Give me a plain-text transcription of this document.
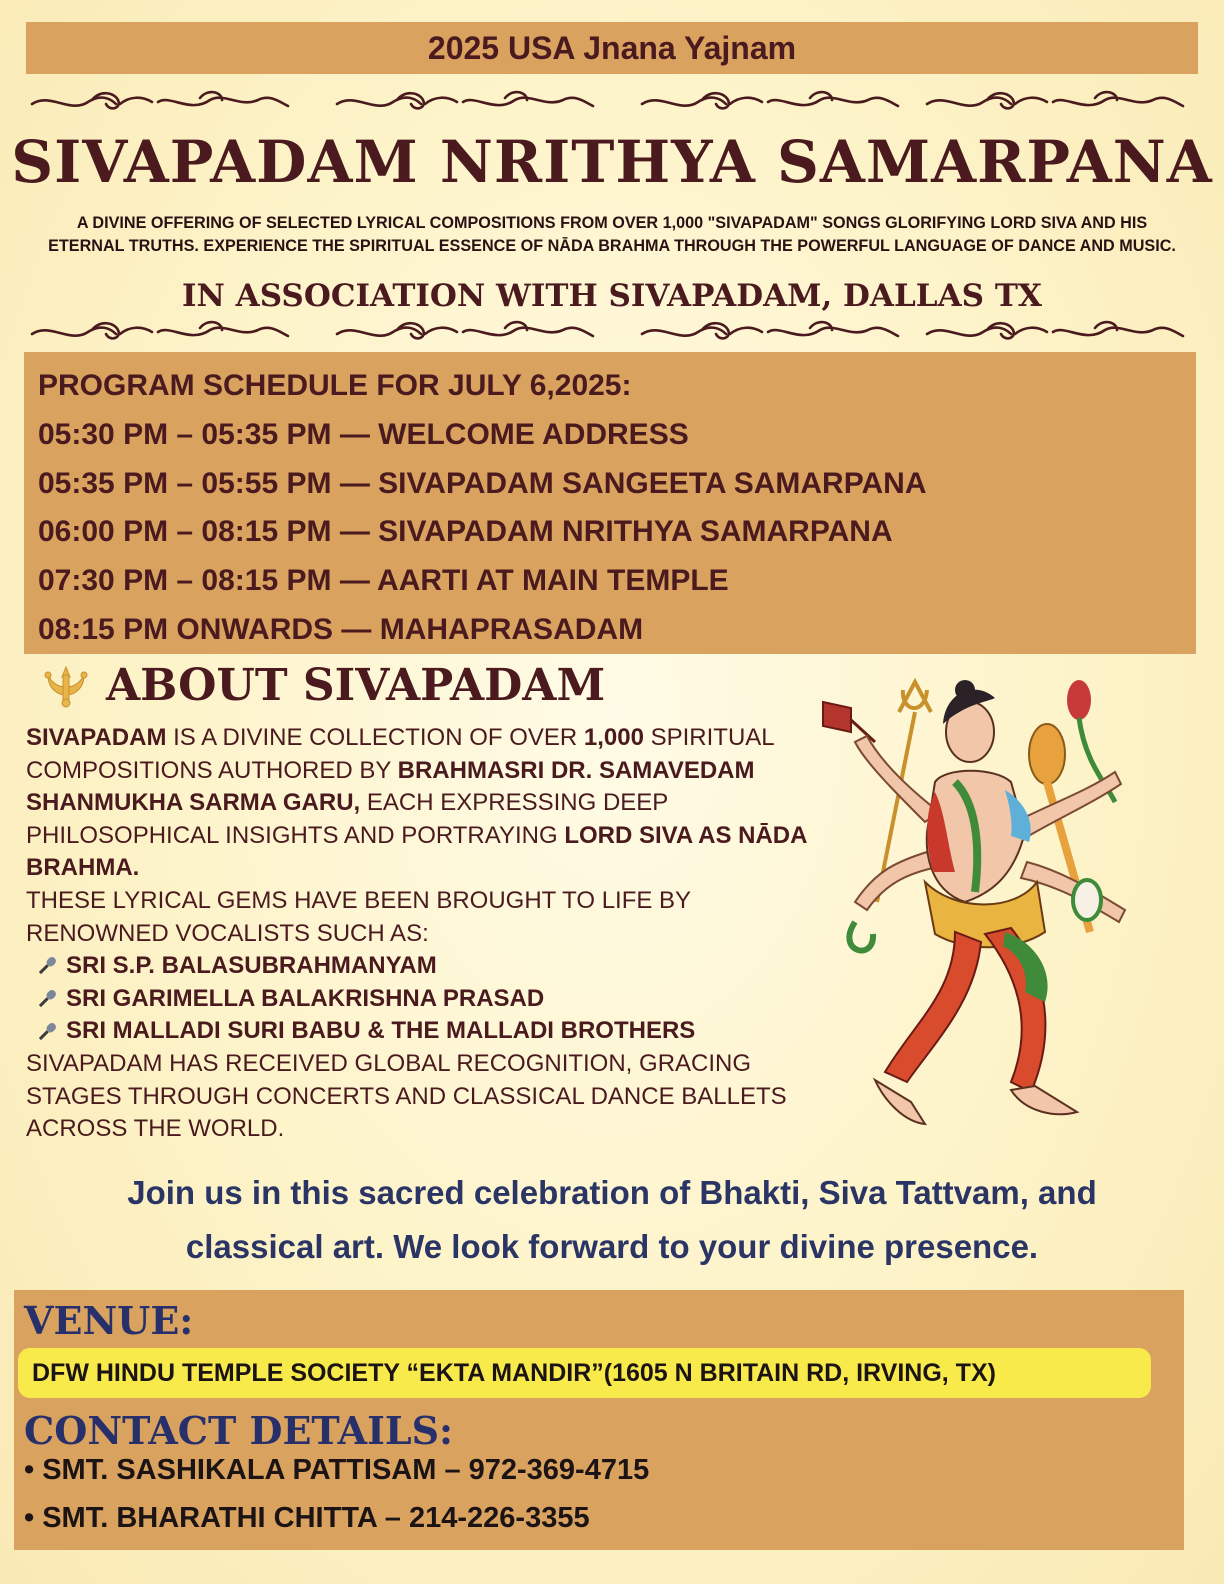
2025 USA Jnana Yajnam
SIVAPADAM NRITHYA SAMARPANA
A DIVINE OFFERING OF SELECTED LYRICAL COMPOSITIONS FROM OVER 1,000 "SIVAPADAM" SONGS GLORIFYING LORD SIVA AND HIS
ETERNAL TRUTHS. EXPERIENCE THE SPIRITUAL ESSENCE OF NĀDA BRAHMA THROUGH THE POWERFUL LANGUAGE OF DANCE AND MUSIC.
IN ASSOCIATION WITH SIVAPADAM, DALLAS TX
PROGRAM SCHEDULE FOR JULY 6,2025:
05:30 PM – 05:35 PM — WELCOME ADDRESS
05:35 PM – 05:55 PM — SIVAPADAM SANGEETA SAMARPANA
06:00 PM – 08:15 PM — SIVAPADAM NRITHYA SAMARPANA
07:30 PM – 08:15 PM — AARTI AT MAIN TEMPLE
08:15 PM ONWARDS — MAHAPRASADAM
ABOUT SIVAPADAM
SIVAPADAM IS A DIVINE COLLECTION OF OVER 1,000 SPIRITUAL COMPOSITIONS AUTHORED BY BRAHMASRI DR. SAMAVEDAM SHANMUKHA SARMA GARU, EACH EXPRESSING DEEP PHILOSOPHICAL INSIGHTS AND PORTRAYING LORD SIVA AS NĀDA BRAHMA.
THESE LYRICAL GEMS HAVE BEEN BROUGHT TO LIFE BY RENOWNED VOCALISTS SUCH AS:
SRI S.P. BALASUBRAHMANYAM
SRI GARIMELLA BALAKRISHNA PRASAD
SRI MALLADI SURI BABU & THE MALLADI BROTHERS
SIVAPADAM HAS RECEIVED GLOBAL RECOGNITION, GRACING STAGES THROUGH CONCERTS AND CLASSICAL DANCE BALLETS ACROSS THE WORLD.
Join us in this sacred celebration of Bhakti, Siva Tattvam, and
classical art. We look forward to your divine presence.
VENUE:
DFW HINDU TEMPLE SOCIETY “EKTA MANDIR”(1605 N BRITAIN RD, IRVING, TX)
CONTACT DETAILS:
• SMT. SASHIKALA PATTISAM – 972-369-4715
• SMT. BHARATHI CHITTA – 214-226-3355
